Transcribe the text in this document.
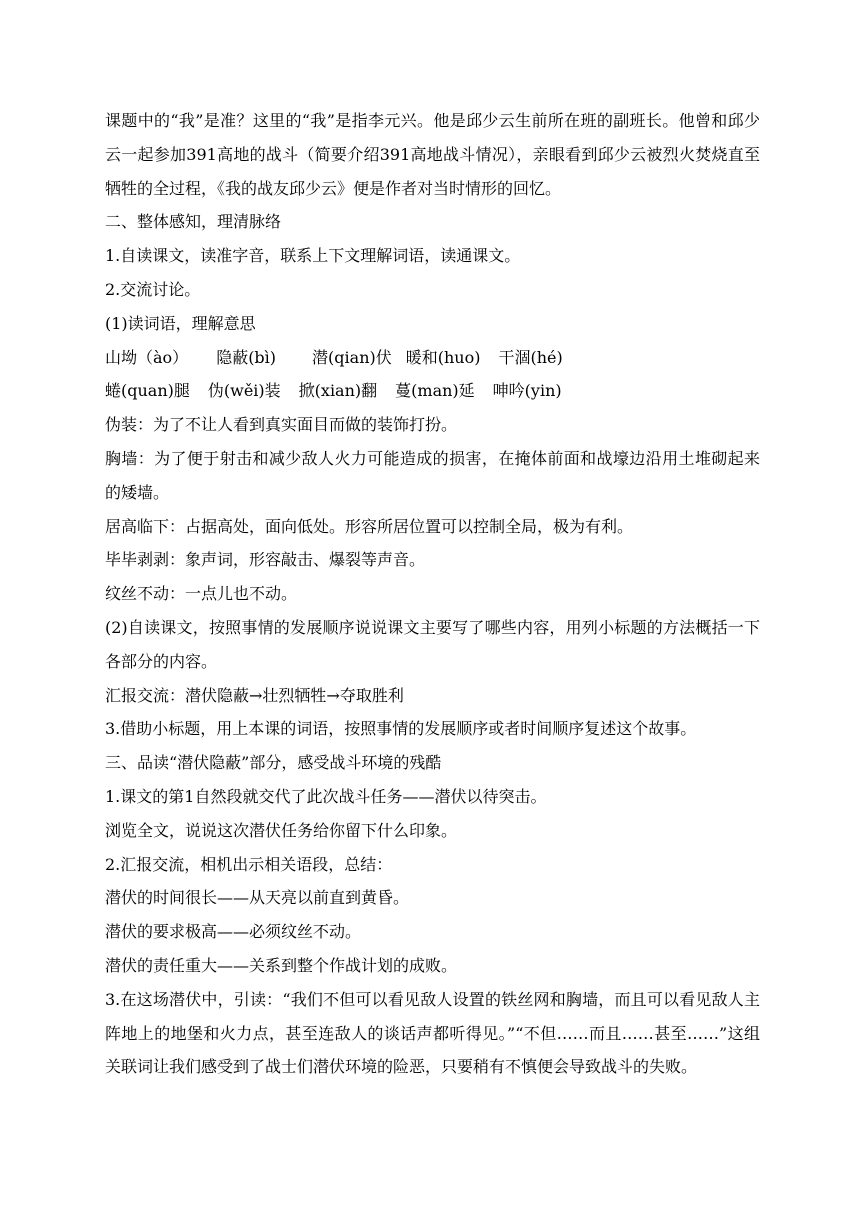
课题中的“我”是准？这里的“我”是指李元兴。他是邱少云生前所在班的副班长。他曾和邱少云一起参加391高地的战斗（简要介绍391高地战斗情况），亲眼看到邱少云被烈火焚烧直至牺牲的全过程，《我的战友邱少云》便是作者对当时情形的回忆。

二、整体感知，理清脉络

1.自读课文，读准字音，联系上下文理解词语，读通课文。

2.交流讨论。

(1)读词语，理解意思

山坳（ào） 隐蔽(bì) 潜(qian)伏 暖和(huo) 干涸(hé)

蜷(quan)腿 伪(wěi)装 掀(xian)翻 蔓(man)延 呻吟(yin)

伪装：为了不让人看到真实面目而做的装饰打扮。

胸墙：为了便于射击和减少敌人火力可能造成的损害，在掩体前面和战壕边沿用土堆砌起来的矮墙。

居高临下：占据高处，面向低处。形容所居位置可以控制全局，极为有利。

毕毕剥剥：象声词，形容敲击、爆裂等声音。

纹丝不动：一点儿也不动。

(2)自读课文，按照事情的发展顺序说说课文主要写了哪些内容，用列小标题的方法概括一下各部分的内容。

汇报交流：潜伏隐蔽→壮烈牺牲→夺取胜利

3.借助小标题，用上本课的词语，按照事情的发展顺序或者时间顺序复述这个故事。

三、品读“潜伏隐蔽”部分，感受战斗环境的残酷

1.课文的第1自然段就交代了此次战斗任务——潜伏以待突击。

浏览全文，说说这次潜伏任务给你留下什么印象。

2.汇报交流，相机出示相关语段，总结：

潜伏的时间很长——从天亮以前直到黄昏。

潜伏的要求极高——必须纹丝不动。

潜伏的责任重大——关系到整个作战计划的成败。

3.在这场潜伏中，引读：“我们不但可以看见敌人设置的铁丝网和胸墙，而且可以看见敌人主阵地上的地堡和火力点，甚至连敌人的谈话声都听得见。”“不但……而且……甚至……”这组关联词让我们感受到了战士们潜伏环境的险恶，只要稍有不慎便会导致战斗的失败。
